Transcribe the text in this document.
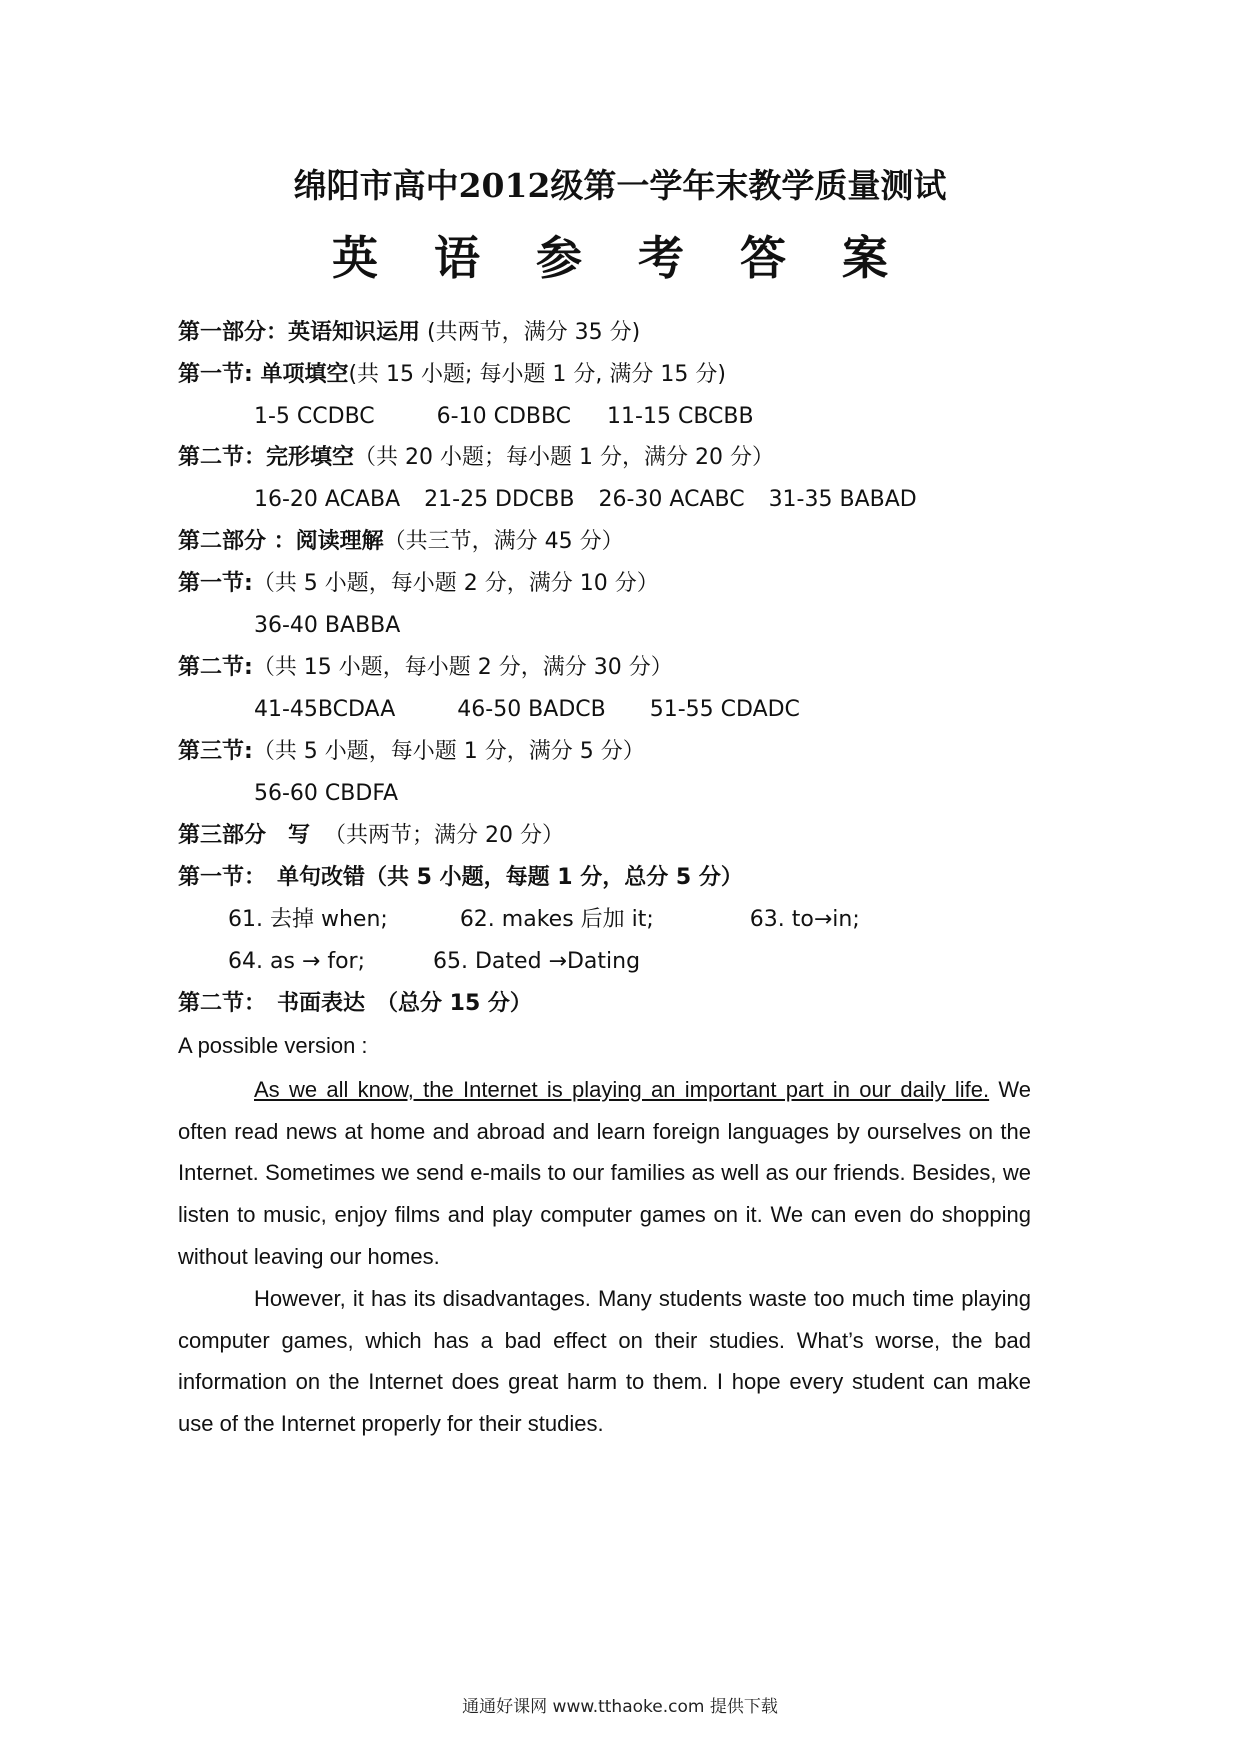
绵阳市高中2012级第一学年末教学质量测试
英 语 参 考 答 案
第一部分：英语知识运用 (共两节，满分 35 分)
第一节: 单项填空(共 15 小题; 每小题 1 分, 满分 15 分)
1-5 CCDBC	6-10 CDBBC 11-15 CBCBB
第二节：完形填空（共 20 小题；每小题 1 分，满分 20 分）
16-20 ACABA 21-25 DDCBB 26-30 ACABC 31-35 BABAD
第二部分 ：阅读理解（共三节，满分 45 分）
第一节:（共 5 小题，每小题 2 分，满分 10 分）
36-40 BABBA
第二节:（共 15 小题，每小题 2 分，满分 30 分）
41-45BCDAA	46-50 BADCB 51-55 CDADC
第三节:（共 5 小题，每小题 1 分，满分 5 分）
56-60 CBDFA
第三部分　写 （共两节；满分 20 分）
第一节：　单句改错（共 5 小题，每题 1 分，总分 5 分）
61. 去掉 when;	62. makes 后加 it;	63. to→in;
64. as → for;	65. Dated →Dating
第二节：　书面表达　（总分 15 分）
A possible version :
As we all know, the Internet is playing an important part in our daily life. We often read news at home and abroad and learn foreign languages by ourselves on the Internet. Sometimes we send e-mails to our families as well as our friends. Besides, we listen to music, enjoy films and play computer games on it. We can even do shopping without leaving our homes.
However, it has its disadvantages. Many students waste too much time playing computer games, which has a bad effect on their studies. What’s worse, the bad information on the Internet does great harm to them. I hope every student can make use of the Internet properly for their studies.
通通好课网 www.tthaoke.com 提供下载
